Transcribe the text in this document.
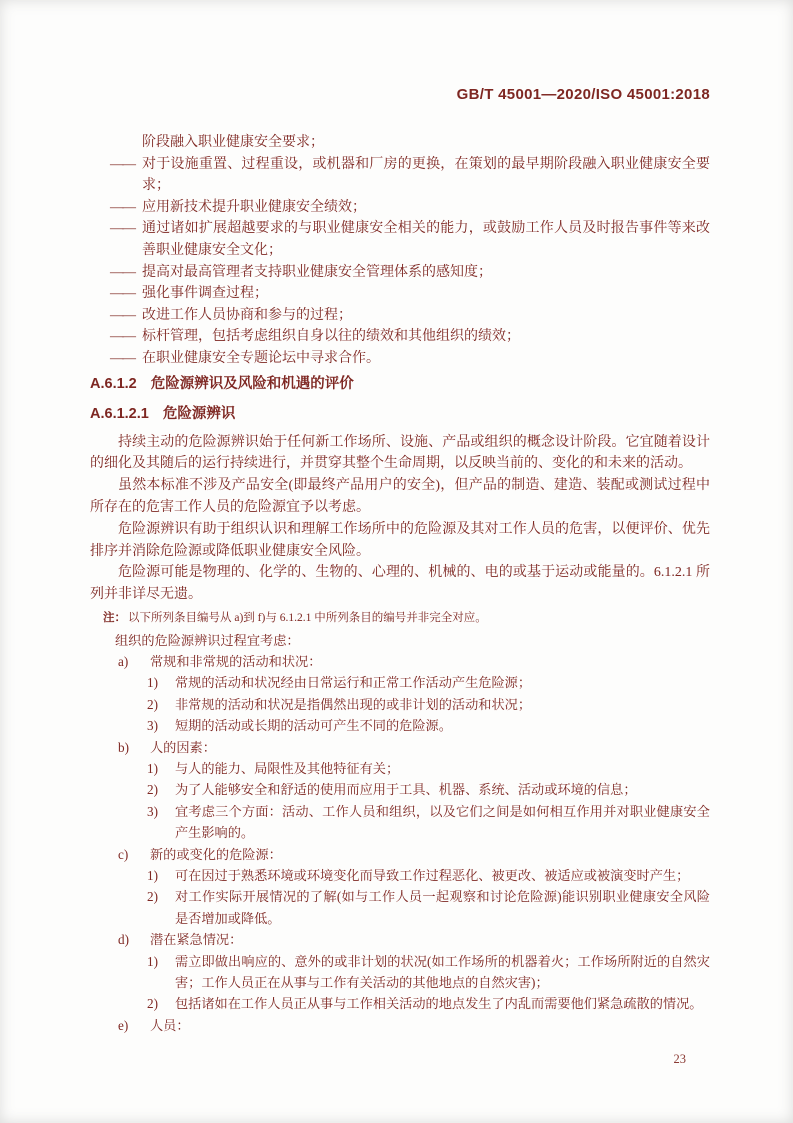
GB/T 45001—2020/ISO 45001:2018
阶段融入职业健康安全要求；
—— 对于设施重置、过程重设，或机器和厂房的更换，在策划的最早期阶段融入职业健康安全要求；
—— 应用新技术提升职业健康安全绩效；
—— 通过诸如扩展超越要求的与职业健康安全相关的能力，或鼓励工作人员及时报告事件等来改善职业健康安全文化；
—— 提高对最高管理者支持职业健康安全管理体系的感知度；
—— 强化事件调查过程；
—— 改进工作人员协商和参与的过程；
—— 标杆管理，包括考虑组织自身以往的绩效和其他组织的绩效；
—— 在职业健康安全专题论坛中寻求合作。
A.6.1.2 危险源辨识及风险和机遇的评价
A.6.1.2.1 危险源辨识

持续主动的危险源辨识始于任何新工作场所、设施、产品或组织的概念设计阶段。它宜随着设计的细化及其随后的运行持续进行，并贯穿其整个生命周期，以反映当前的、变化的和未来的活动。

虽然本标准不涉及产品安全(即最终产品用户的安全)，但产品的制造、建造、装配或测试过程中所存在的危害工作人员的危险源宜予以考虑。

危险源辨识有助于组织认识和理解工作场所中的危险源及其对工作人员的危害，以便评价、优先排序并消除危险源或降低职业健康安全风险。

危险源可能是物理的、化学的、生物的、心理的、机械的、电的或基于运动或能量的。6.1.2.1 所列并非详尽无遗。

注： 以下所列条目编号从 a)到 f)与 6.1.2.1 中所列条目的编号并非完全对应。
组织的危险源辨识过程宜考虑：
a)	常规和非常规的活动和状况：
1)	常规的活动和状况经由日常运行和正常工作活动产生危险源；
2)	非常规的活动和状况是指偶然出现的或非计划的活动和状况；
3)	短期的活动或长期的活动可产生不同的危险源。
b)	人的因素：
1)	与人的能力、局限性及其他特征有关；
2)	为了人能够安全和舒适的使用而应用于工具、机器、系统、活动或环境的信息；
3)	宜考虑三个方面：活动、工作人员和组织，以及它们之间是如何相互作用并对职业健康安全产生影响的。
c)	新的或变化的危险源：
1)	可在因过于熟悉环境或环境变化而导致工作过程恶化、被更改、被适应或被演变时产生；
2)	对工作实际开展情况的了解(如与工作人员一起观察和讨论危险源)能识别职业健康安全风险是否增加或降低。
d)	潜在紧急情况：
1)	需立即做出响应的、意外的或非计划的状况(如工作场所的机器着火；工作场所附近的自然灾害；工作人员正在从事与工作有关活动的其他地点的自然灾害)；
2)	包括诸如在工作人员正从事与工作相关活动的地点发生了内乱而需要他们紧急疏散的情况。
e)	人员：
23
